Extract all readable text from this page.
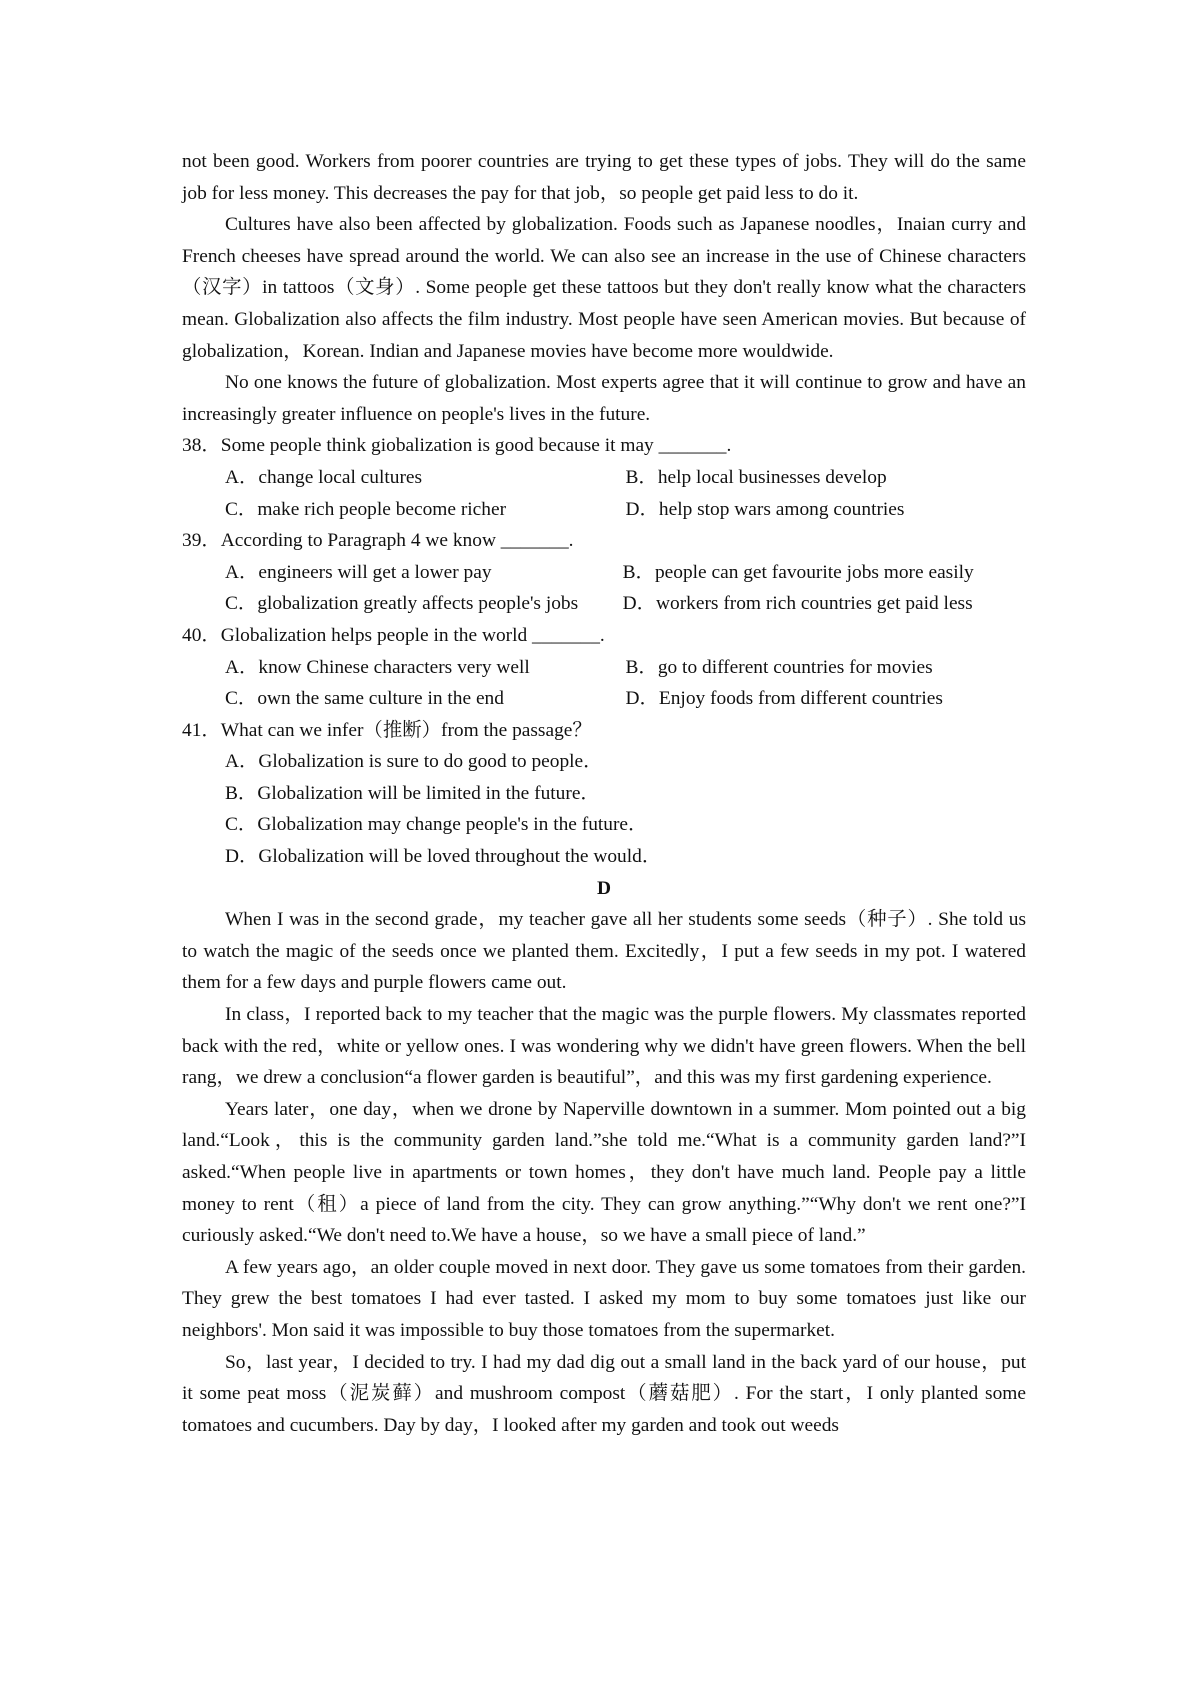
not been good. Workers from poorer countries are trying to get these types of jobs. They will do the same job for less money. This decreases the pay for that job，so people get paid less to do it.

Cultures have also been affected by globalization. Foods such as Japanese noodles，Inaian curry and French cheeses have spread around the world. We can also see an increase in the use of Chinese characters（汉字）in tattoos（文身）. Some people get these tattoos but they don't really know what the characters mean. Globalization also affects the film industry. Most people have seen American movies. But because of globalization，Korean. Indian and Japanese movies have become more wouldwide.

No one knows the future of globalization. Most experts agree that it will continue to grow and have an increasingly greater influence on people's lives in the future.

38．Some people think giobalization is good because it may _______.

A．change local cultures	B．help local businesses develop
C．make rich people become richer	D．help stop wars among countries

39．According to Paragraph 4 we know _______.

A．engineers will get a lower pay	B．people can get favourite jobs more easily
C．globalization greatly affects people's jobs	D．workers from rich countries get paid less

40．Globalization helps people in the world _______.

A．know Chinese characters very well	B．go to different countries for movies
C．own the same culture in the end	D．Enjoy foods from different countries

41．What can we infer（推断）from the passage？

A．Globalization is sure to do good to people．

B．Globalization will be limited in the future．

C．Globalization may change people's in the future．

D．Globalization will be loved throughout the would．

D

When I was in the second grade，my teacher gave all her students some seeds（种子）. She told us to watch the magic of the seeds once we planted them. Excitedly，I put a few seeds in my pot. I watered them for a few days and purple flowers came out.

In class，I reported back to my teacher that the magic was the purple flowers. My classmates reported back with the red，white or yellow ones. I was wondering why we didn't have green flowers. When the bell rang，we drew a conclusion“a flower garden is beautiful”，and this was my first gardening experience.

Years later，one day，when we drone by Naperville downtown in a summer. Mom pointed out a big land.“Look，this is the community garden land.”she told me.“What is a community garden land?”I asked.“When people live in apartments or town homes，they don't have much land. People pay a little money to rent（租）a piece of land from the city. They can grow anything.”“Why don't we rent one?”I curiously asked.“We don't need to.We have a house，so we have a small piece of land.”

A few years ago，an older couple moved in next door. They gave us some tomatoes from their garden. They grew the best tomatoes I had ever tasted. I asked my mom to buy some tomatoes just like our neighbors'. Mon said it was impossible to buy those tomatoes from the supermarket.

So，last year，I decided to try. I had my dad dig out a small land in the back yard of our house，put it some peat moss（泥炭藓）and mushroom compost（蘑菇肥）. For the start，I only planted some tomatoes and cucumbers. Day by day，I looked after my garden and took out weeds
